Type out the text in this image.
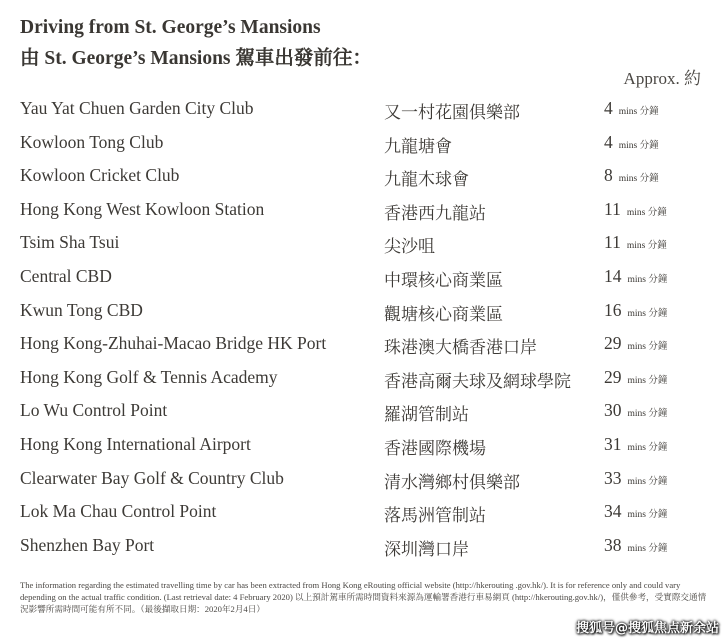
Driving from St. George’s Mansions
由 St. George’s Mansions 駕車出發前往：
Approx. 約
Yau Yat Chuen Garden City Club	又一村花園俱樂部	4 mins 分鐘
Kowloon Tong Club	九龍塘會	4 mins 分鐘
Kowloon Cricket Club	九龍木球會	8 mins 分鐘
Hong Kong West Kowloon Station	香港西九龍站	11 mins 分鐘
Tsim Sha Tsui	尖沙咀	11 mins 分鐘
Central CBD	中環核心商業區	14 mins 分鐘
Kwun Tong CBD	觀塘核心商業區	16 mins 分鐘
Hong Kong-Zhuhai-Macao Bridge HK Port	珠港澳大橋香港口岸	29 mins 分鐘
Hong Kong Golf & Tennis Academy	香港高爾夫球及網球學院 29 mins 分鐘
Lo Wu Control Point	羅湖管制站	30 mins 分鐘
Hong Kong International Airport	香港國際機場	31 mins 分鐘
Clearwater Bay Golf & Country Club	清水灣鄉村俱樂部	33 mins 分鐘
Lok Ma Chau Control Point	落馬洲管制站	34 mins 分鐘
Shenzhen Bay Port	深圳灣口岸	38 mins 分鐘
The information regarding the estimated travelling time by car has been extracted from Hong Kong eRouting official website (http://hkerouting .gov.hk/). It is for reference only and could vary depending on the actual traffic condition. (Last retrieval date: 4 February 2020) 以上預計駕車所需時間資料來源為運輸署香港行車易網頁 (http://hkerouting.gov.hk/)，僅供參考，受實際交通情況影響所需時間可能有所不同。（最後擷取日期：2020年2月4日）
搜狐号@搜狐焦点新余站
